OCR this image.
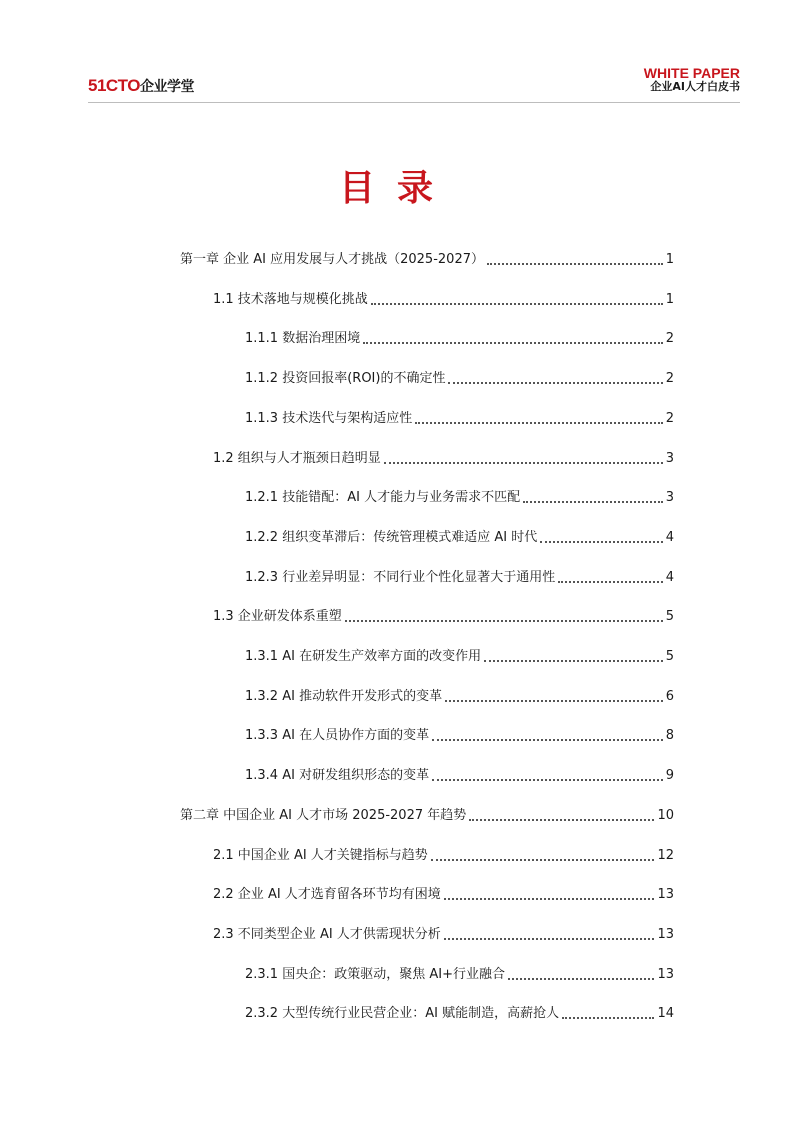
51CTO企业学堂
WHITE PAPER
企业AI人才白皮书
目录
第一章 企业 AI 应用发展与人才挑战（2025-2027）	1
1.1 技术落地与规模化挑战	1
1.1.1 数据治理困境	2
1.1.2 投资回报率(ROI)的不确定性	2
1.1.3 技术迭代与架构适应性	2
1.2 组织与人才瓶颈日趋明显	3
1.2.1 技能错配：AI 人才能力与业务需求不匹配	3
1.2.2 组织变革滞后：传统管理模式难适应 AI 时代	4
1.2.3 行业差异明显：不同行业个性化显著大于通用性	4
1.3 企业研发体系重塑	5
1.3.1 AI 在研发生产效率方面的改变作用	5
1.3.2 AI 推动软件开发形式的变革	6
1.3.3 AI 在人员协作方面的变革	8
1.3.4 AI 对研发组织形态的变革	9
第二章 中国企业 AI 人才市场 2025-2027 年趋势	10
2.1 中国企业 AI 人才关键指标与趋势	12
2.2 企业 AI 人才选育留各环节均有困境	13
2.3 不同类型企业 AI 人才供需现状分析	13
2.3.1 国央企：政策驱动，聚焦 AI+行业融合	13
2.3.2 大型传统行业民营企业：AI 赋能制造，高薪抢人	14
